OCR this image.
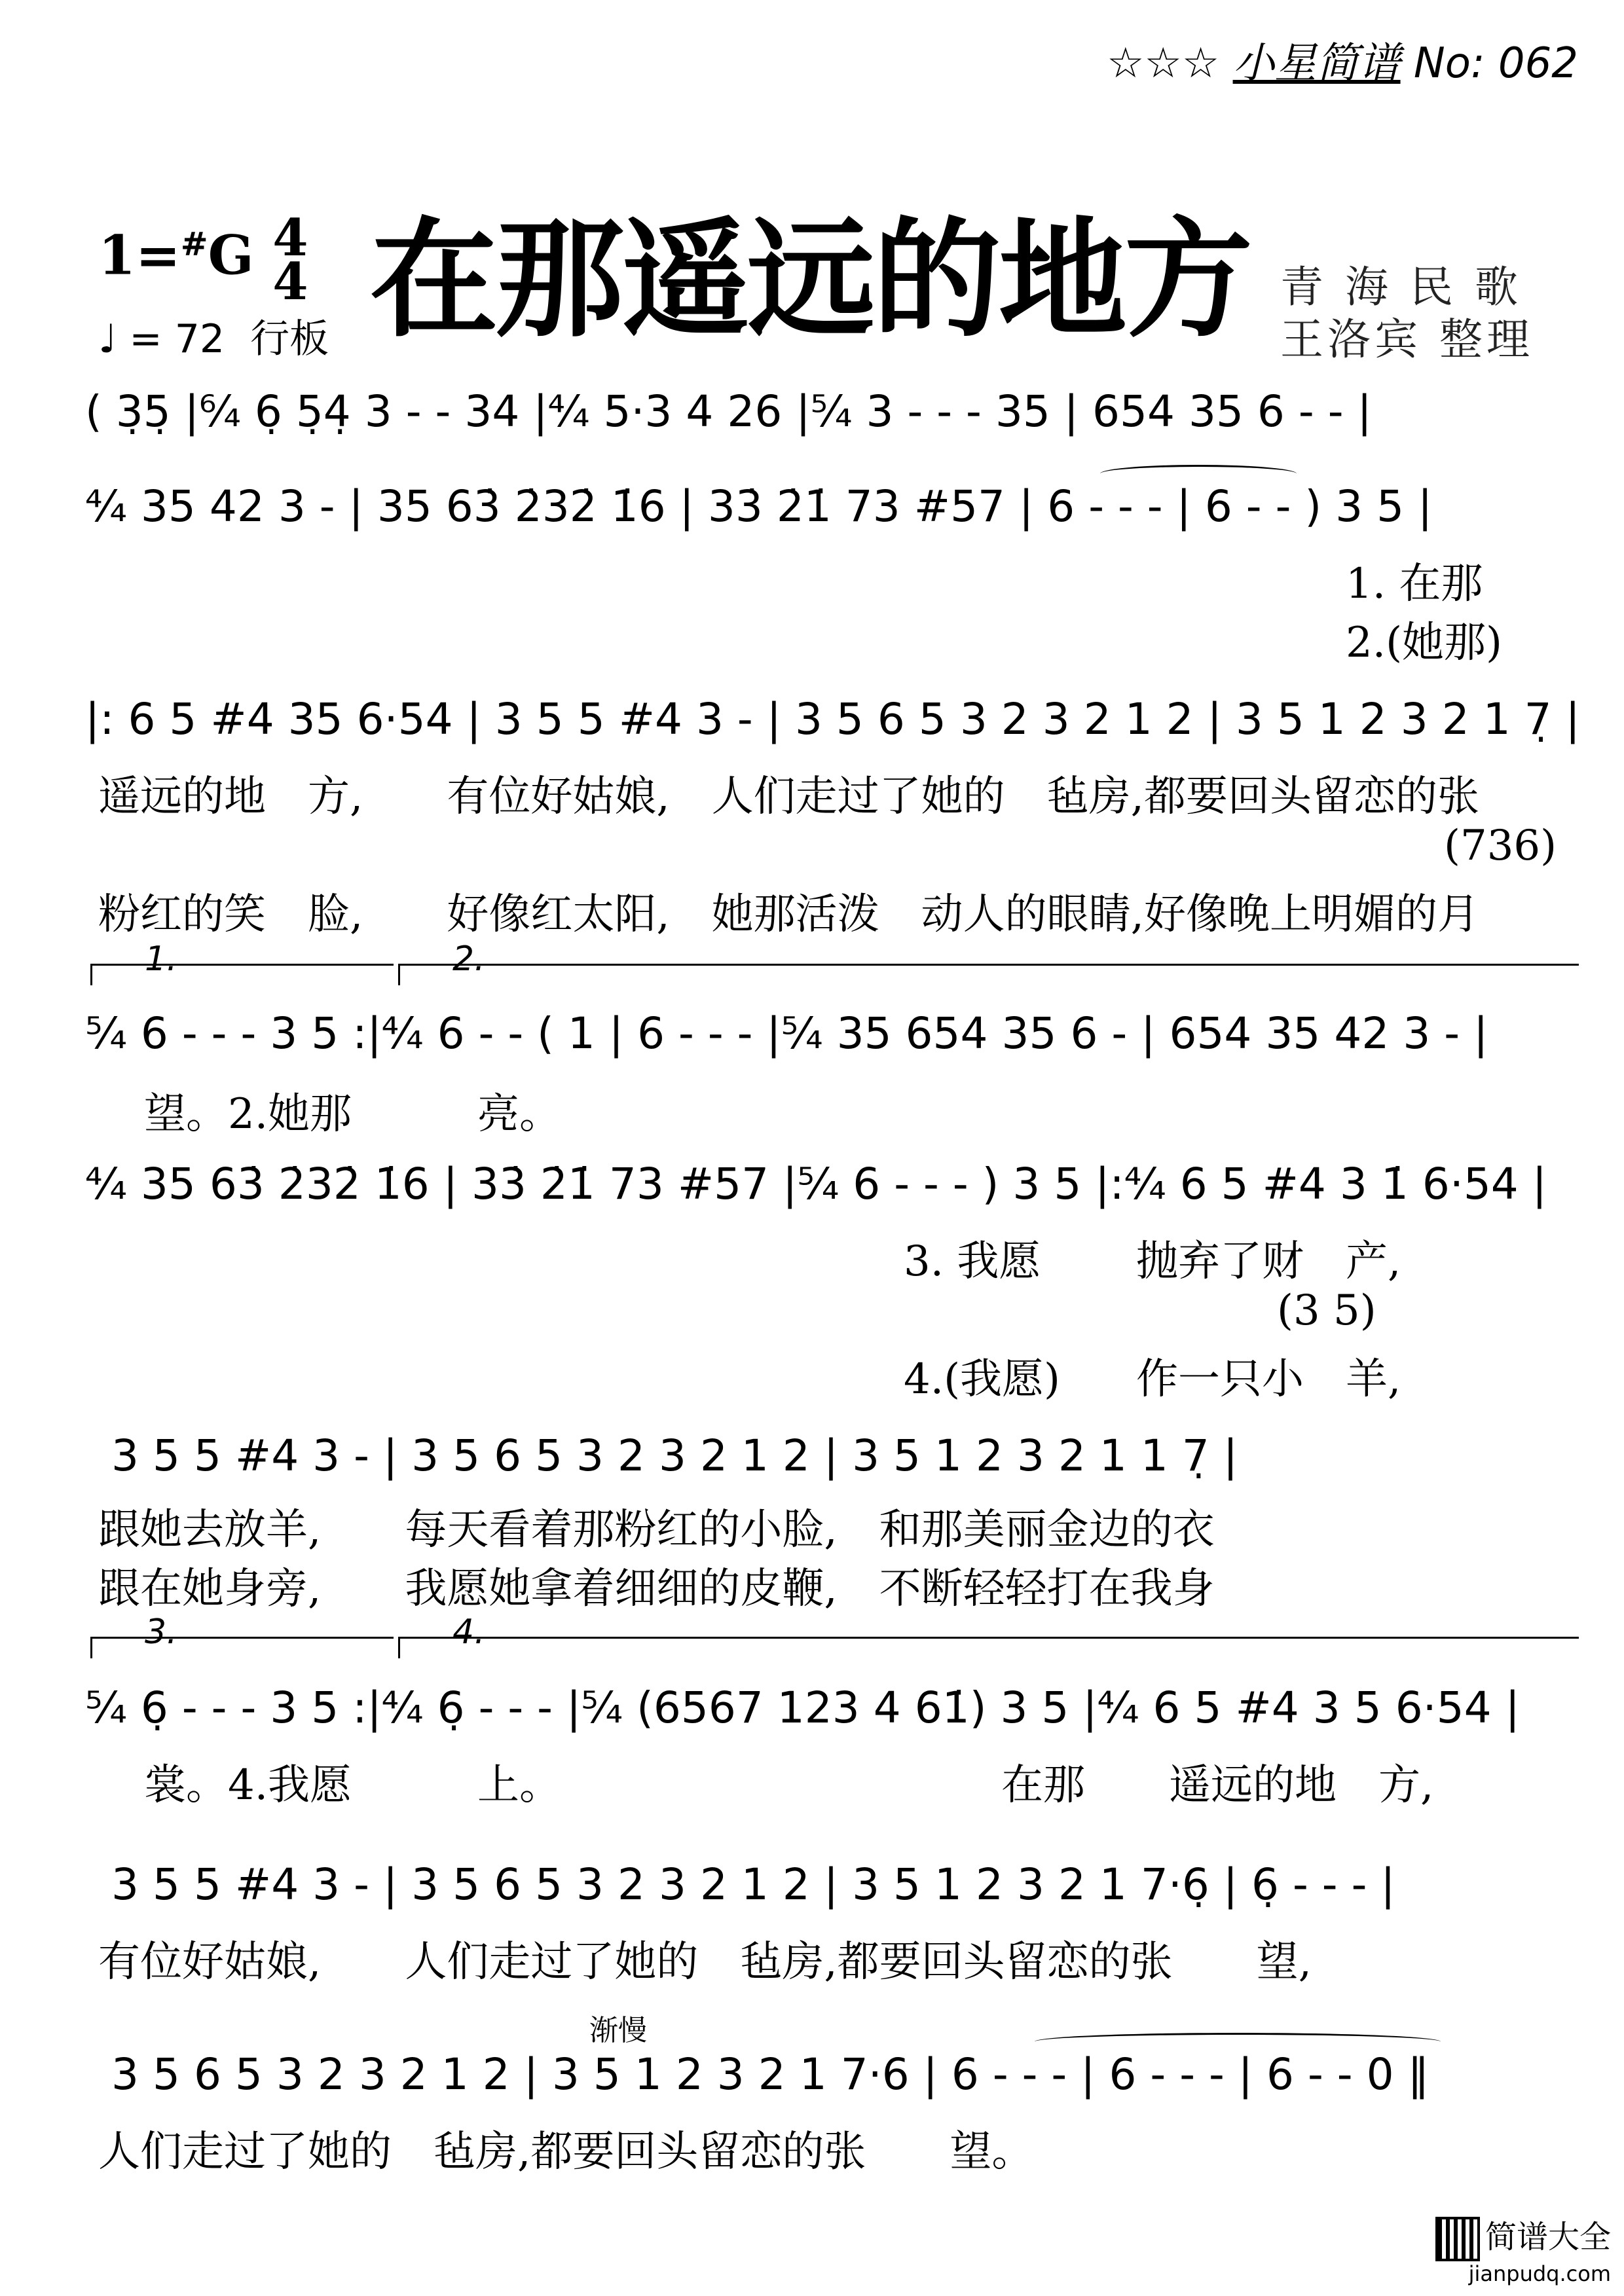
☆☆☆ 小星简谱 No: 062
1=#G 4
4
♩ = 72 行板 在那遥远的地方 青 海 民 歌
王洛宾 整理
( 3̣5̣ |⁶⁄₄ 6̣ 5̣4̣ 3 - - 34 |⁴⁄₄ 5·3 4 26 |⁵⁄₄ 3 - - - 35 | 654 35 6 - - |
⁴⁄₄ 35 42 3 - | 35 63̇ 2̇32̇ 1̇6 | 33̇ 2̇1̇ 73 #57 | 6 - - - | 6 - - ) 3 5 |
1. 在那
2.(她那)
|: 6 5 #4 35 6·54 | 3 5 5 #4 3 - | 3 5 6 5 3 2 3 2 1 2 | 3 5 1 2 3 2 1 7̣ |
遥远的地　方,　　有位好姑娘,　人们走过了她的　毡房,都要回头留恋的张
(736)
粉红的笑　脸,　　好像红太阳,　她那活泼　动人的眼睛,好像晚上明媚的月
1.	2.
⁵⁄₄ 6 - - - 3 5 :|⁴⁄₄ 6 - - ( 1 | 6 - - - |⁵⁄₄ 35 654 35 6 - | 654 35 42 3 - |
望。2.她那　　　亮。
⁴⁄₄ 35 63̇ 2̇32̇ 1̇6 | 33̇ 2̇1̇ 73 #57 |⁵⁄₄ 6 - - - ) 3 5 |:⁴⁄₄ 6 5 #4 3 1̇ 6·54 |
3. 我愿 抛弃了财　产,
(3 5)
4.(我愿) 作一只小　羊,
3 5 5 #4 3 - | 3 5 6 5 3 2 3 2 1 2 | 3 5 1 2 3 2 1 1 7̣ |
跟她去放羊,　　每天看着那粉红的小脸,　和那美丽金边的衣
跟在她身旁,　　我愿她拿着细细的皮鞭,　不断轻轻打在我身
3.	4.
⁵⁄₄ 6̣ - - - 3 5 :|⁴⁄₄ 6̣ - - - |⁵⁄₄ (6567 123 4 61̇) 3 5 |⁴⁄₄ 6 5 #4 3 5 6·54 |
裳。4.我愿　　　上。　　　　　　　　　　　在那　　遥远的地　方,
3 5 5 #4 3 - | 3 5 6 5 3 2 3 2 1 2 | 3 5 1 2 3 2 1 7·6̣ | 6̣ - - - |
有位好姑娘,　　人们走过了她的　毡房,都要回头留恋的张　　望,
渐慢
3 5 6 5 3 2 3 2 1 2 | 3 5 1 2 3 2 1 7·6 | 6 - - - | 6 - - - | 6 - - 0 ‖
人们走过了她的　毡房,都要回头留恋的张　　望。
简谱大全
jianpudq.com
